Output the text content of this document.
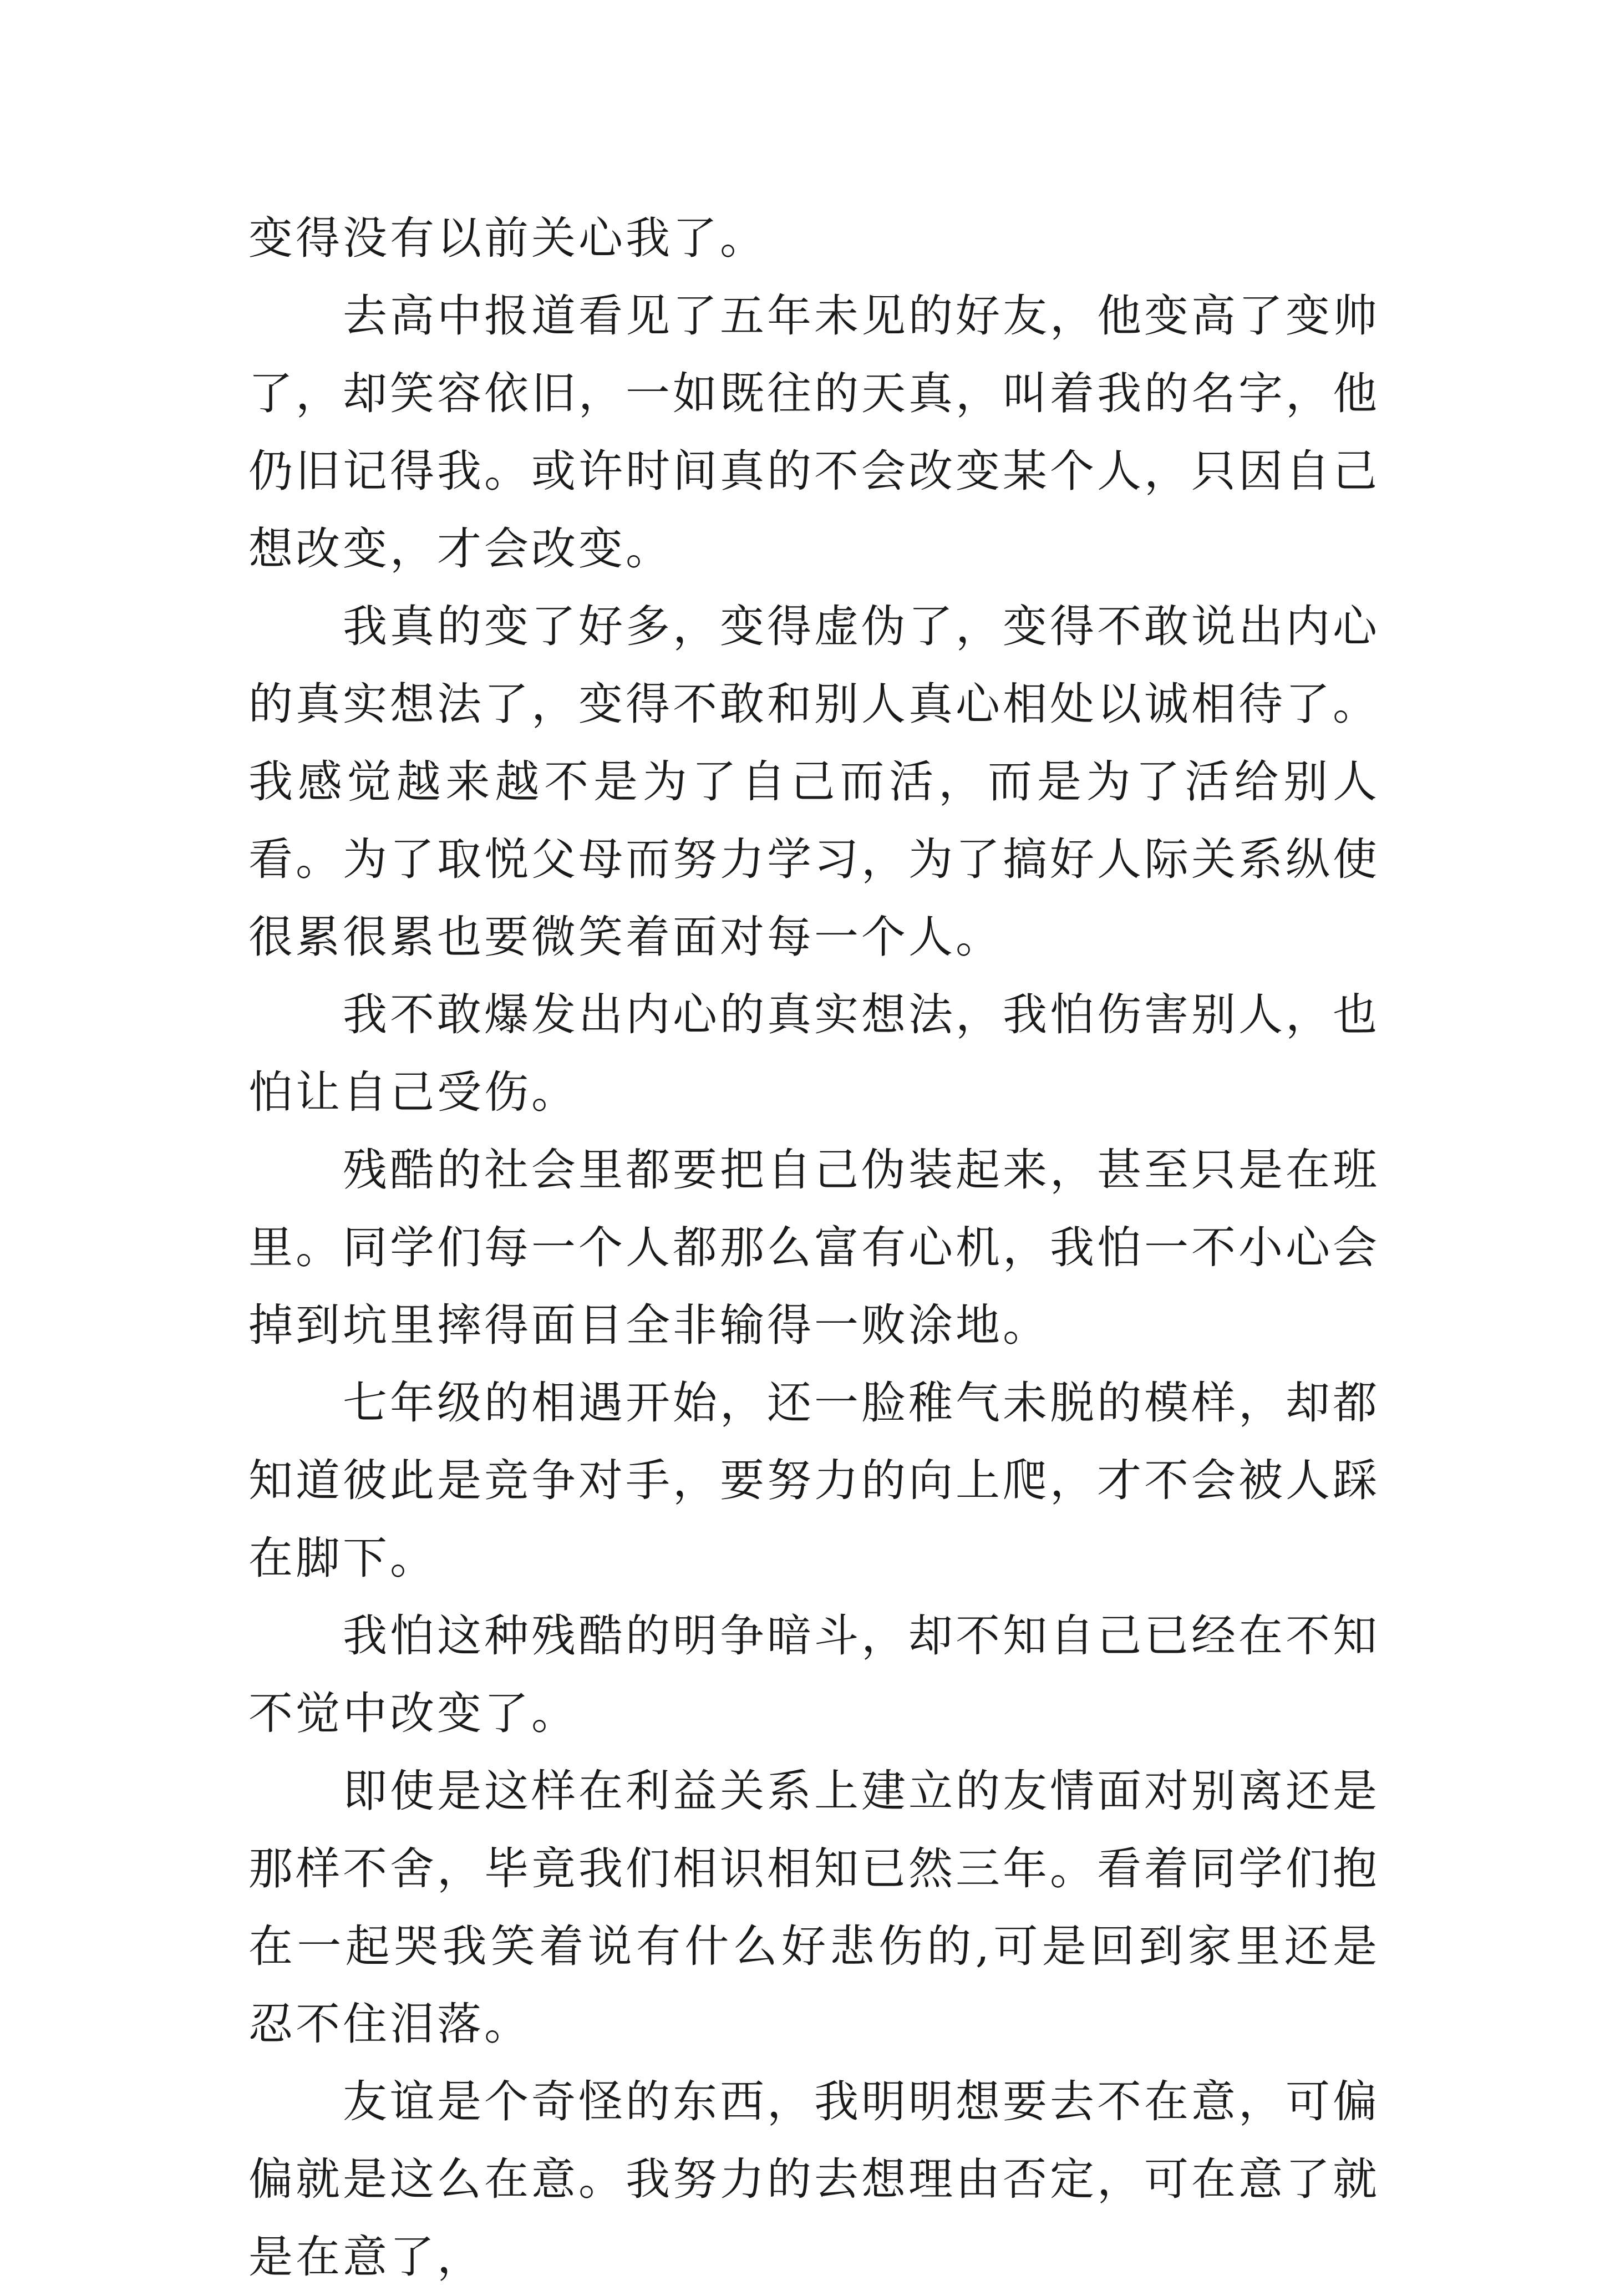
变得没有以前关心我了。

去高中报道看见了五年未见的好友，他变高了变帅了，却笑容依旧，一如既往的天真，叫着我的名字，他仍旧记得我。或许时间真的不会改变某个人，只因自己想改变，才会改变。

我真的变了好多，变得虚伪了，变得不敢说出内心的真实想法了，变得不敢和别人真心相处以诚相待了。我感觉越来越不是为了自己而活，而是为了活给别人看。为了取悦父母而努力学习，为了搞好人际关系纵使很累很累也要微笑着面对每一个人。

我不敢爆发出内心的真实想法，我怕伤害别人，也怕让自己受伤。

残酷的社会里都要把自己伪装起来，甚至只是在班里。同学们每一个人都那么富有心机，我怕一不小心会掉到坑里摔得面目全非输得一败涂地。

七年级的相遇开始，还一脸稚气未脱的模样，却都知道彼此是竞争对手，要努力的向上爬，才不会被人踩在脚下。

我怕这种残酷的明争暗斗，却不知自己已经在不知不觉中改变了。

即使是这样在利益关系上建立的友情面对别离还是那样不舍，毕竟我们相识相知已然三年。看着同学们抱在一起哭我笑着说有什么好悲伤的,可是回到家里还是忍不住泪落。

友谊是个奇怪的东西，我明明想要去不在意，可偏偏就是这么在意。我努力的去想理由否定，可在意了就是在意了，
